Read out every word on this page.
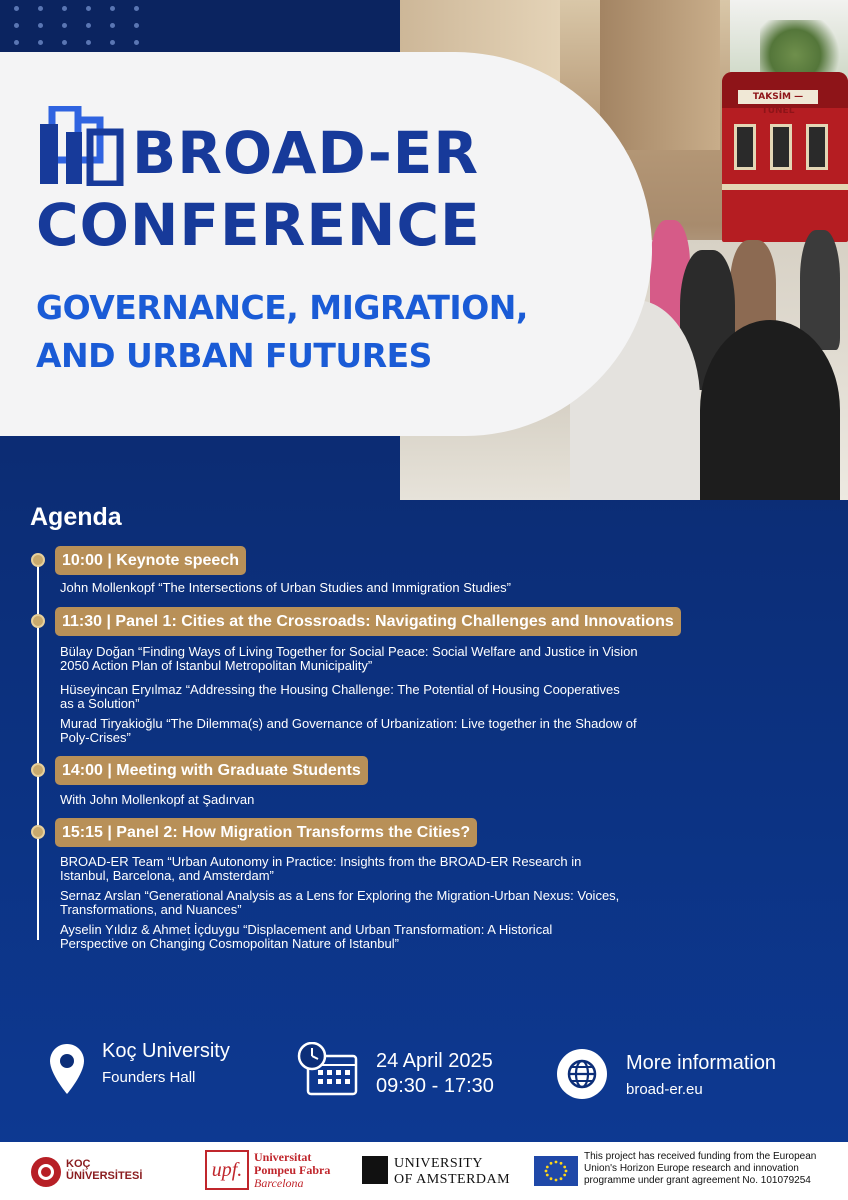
TAKSİM — TÜNEL
BROAD-ER
CONFERENCE
GOVERNANCE, MIGRATION,
AND URBAN FUTURES
Agenda
10:00 | Keynote speech
John Mollenkopf “The Intersections of Urban Studies and Immigration Studies”
11:30 | Panel 1: Cities at the Crossroads: Navigating Challenges and Innovations
Bülay Doğan “Finding Ways of Living Together for Social Peace: Social Welfare and Justice in Vision 2050 Action Plan of Istanbul Metropolitan Municipality”
Hüseyincan Eryılmaz “Addressing the Housing Challenge: The Potential of Housing Cooperatives as a Solution”
Murad Tiryakioğlu “The Dilemma(s) and Governance of Urbanization: Live together in the Shadow of Poly-Crises”
14:00 | Meeting with Graduate Students
With John Mollenkopf at Şadırvan
15:15 | Panel 2: How Migration Transforms the Cities?
BROAD-ER Team “Urban Autonomy in Practice: Insights from the BROAD-ER Research in Istanbul, Barcelona, and Amsterdam”
Sernaz Arslan “Generational Analysis as a Lens for Exploring the Migration-Urban Nexus: Voices, Transformations, and Nuances”
Ayselin Yıldız & Ahmet İçduygu “Displacement and Urban Transformation: A Historical Perspective on Changing Cosmopolitan Nature of Istanbul”
Koç University
Founders Hall
24 April 2025
09:30 - 17:30
More information
broad-er.eu
KOÇ
ÜNİVERSİTESİ	upf.
Universitat
Pompeu Fabra
Barcelona
UNIVERSITY
OF AMSTERDAM
This project has received funding from the European Union's Horizon Europe research and innovation programme under grant agreement No. 101079254
